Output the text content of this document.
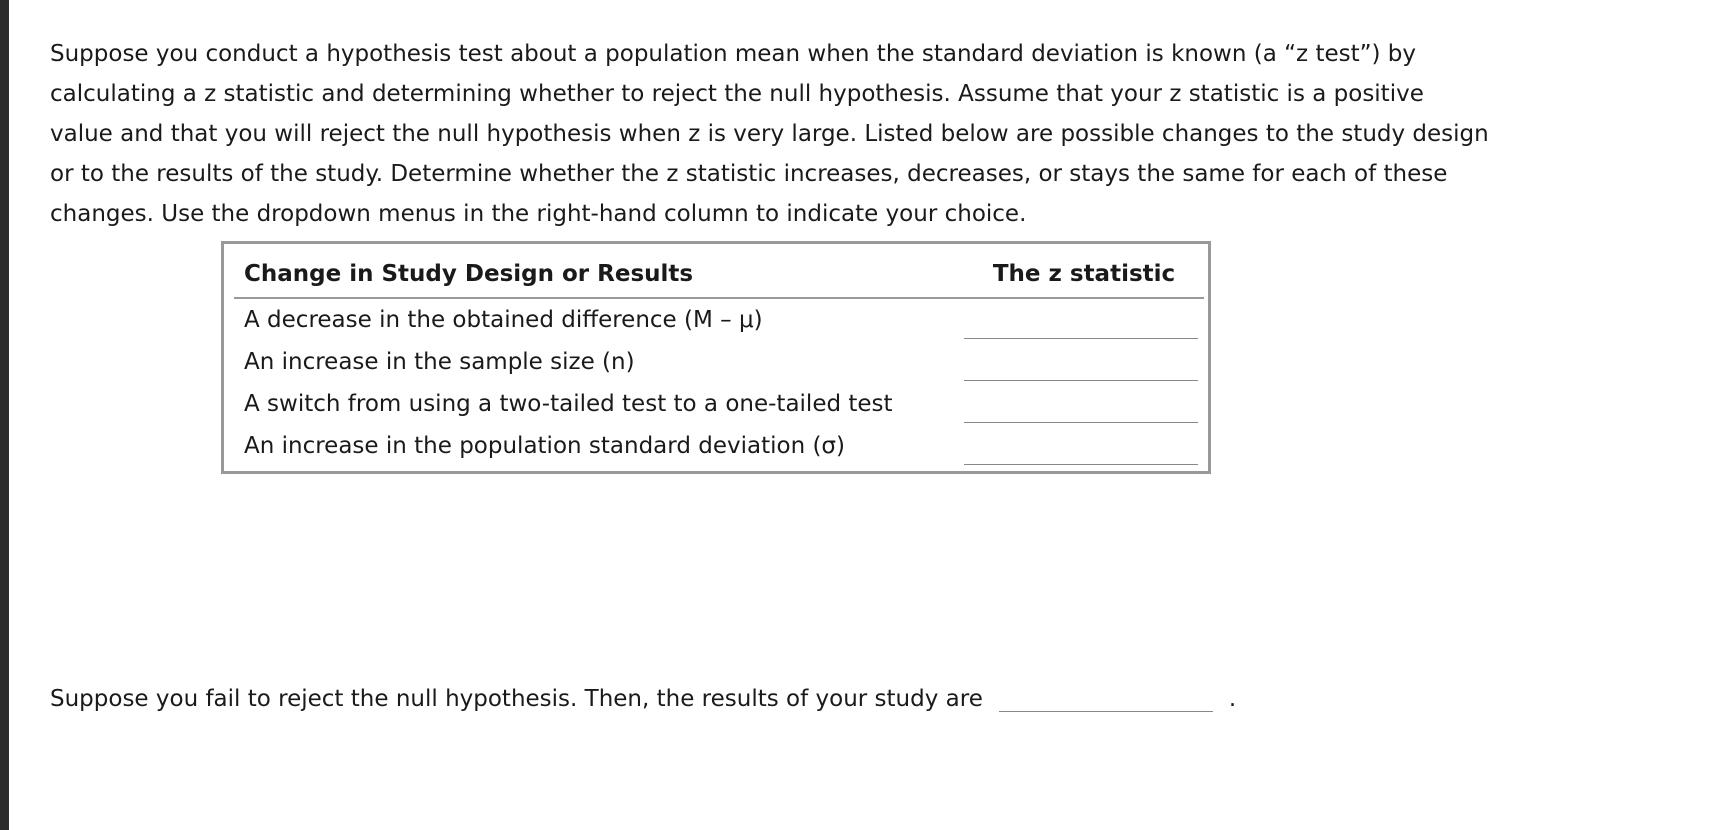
Suppose you conduct a hypothesis test about a population mean when the standard deviation is known (a “z test”) by calculating a z statistic and determining whether to reject the null hypothesis. Assume that your z statistic is a positive value and that you will reject the null hypothesis when z is very large. Listed below are possible changes to the study design or to the results of the study. Determine whether the z statistic increases, decreases, or stays the same for each of these changes. Use the dropdown menus in the right-hand column to indicate your choice.

Change in Study Design or Results	The z statistic
A decrease in the obtained difference (M – μ)	

An increase in the sample size (n)	

A switch from using a two-tailed test to a one-tailed test	

An increase in the population standard deviation (σ)	
Suppose you fail to reject the null hypothesis. Then, the results of your study are	.
